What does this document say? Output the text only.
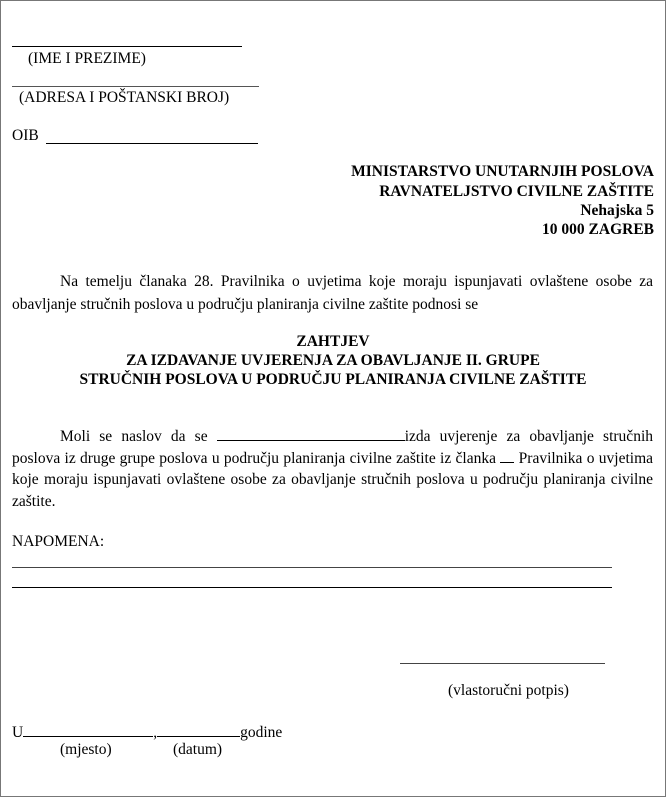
(IME I PREZIME)
(ADRESA I POŠTANSKI BROJ)
OIB
MINISTARSTVO UNUTARNJIH POSLOVA
RAVNATELJSTVO CIVILNE ZAŠTITE
Nehajska 5
10 000 ZAGREB
Na temelju članaka 28. Pravilnika o uvjetima koje moraju ispunjavati ovlaštene osobe za obavljanje stručnih poslova u području planiranja civilne zaštite podnosi se
ZAHTJEV
ZA IZDAVANJE UVJERENJA ZA OBAVLJANJE II. GRUPE
STRUČNIH POSLOVA U PODRUČJU PLANIRANJA CIVILNE ZAŠTITE
Moli se naslov da se	izda uvjerenje za obavljanje stručnih poslova iz druge grupe poslova u području planiranja civilne zaštite iz članka Pravilnika o uvjetima koje moraju ispunjavati ovlaštene osobe za obavljanje stručnih poslova u području planiranja civilne zaštite.
NAPOMENA:
(vlastoručni potpis)
U	,	godine
(mjesto)	(datum)
